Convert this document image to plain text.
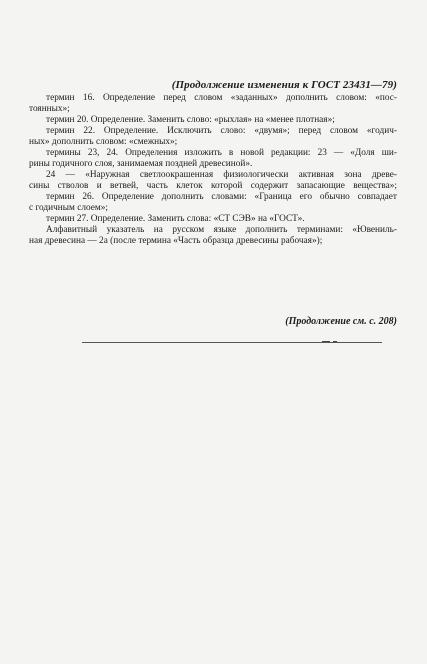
(Продолжение изменения к ГОСТ 23431—79)
термин 16. Определение перед словом «заданных» дополнить словом: «пос-
тоянных»;
термин 20. Определение. Заменить слово: «рыхлая» на «менее плотная»;
термин 22. Определение. Исключить слово: «двумя»; перед словом «годич-
ных» дополнить словом: «смежных»;
термины 23, 24. Определения изложить в новой редакции: 23 — «Доля ши-
рины годичного слоя, занимаемая поздней древесиной».
24 — «Наружная светлоокрашенная физиологически активная зона древе-
сины стволов и ветвей, часть клеток которой содержит запасающие вещества»;
термин 26. Определение дополнить словами: «Граница его обычно совпадает
с годичным слоем»;
термин 27. Определение. Заменить слова: «СТ СЭВ» на «ГОСТ».
Алфавитный указатель на русском языке дополнить терминами: «Ювениль-
ная древесина — 2а (после термина «Часть образца древесины рабочая»);
(Продолжение см. с. 208)
